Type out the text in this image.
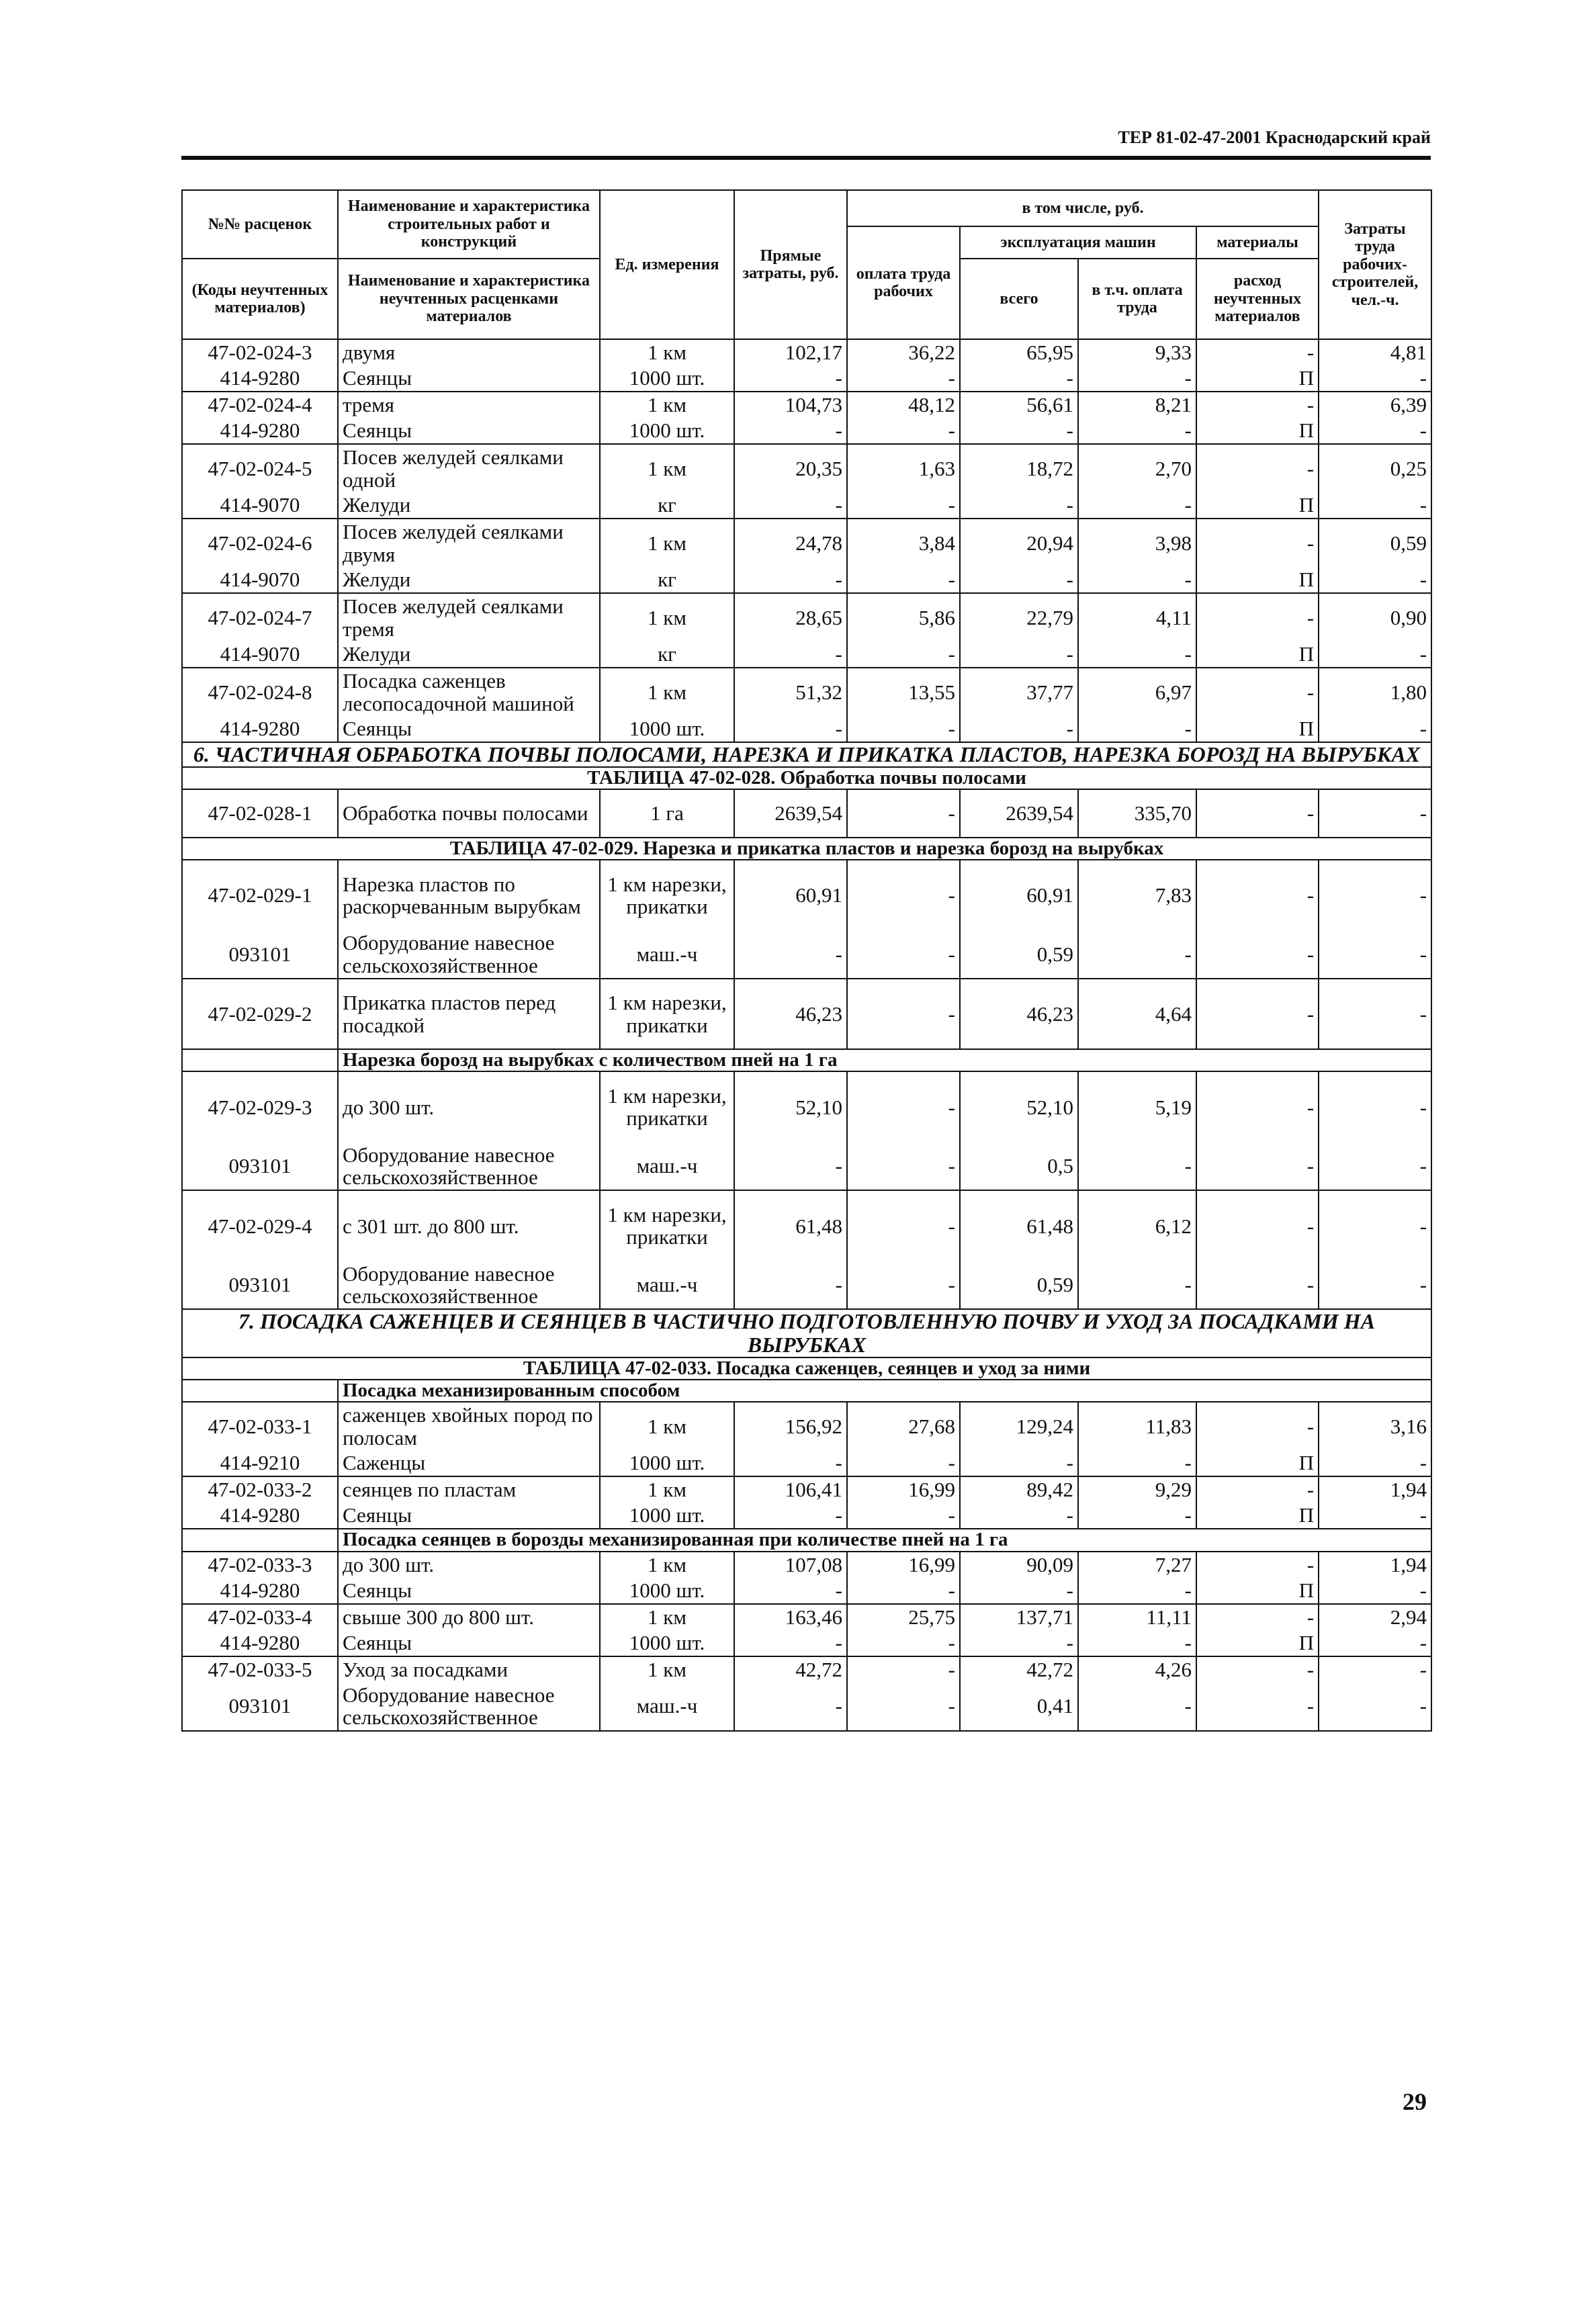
ТЕР 81-02-47-2001 Краснодарский край
№№ расценок	Наименование и характеристика строительных работ и конструкций	Ед. измерения	Прямые затраты, руб.	в том числе, руб.				Затраты труда рабочих-строителей, чел.-ч.
				оплата труда рабочих	эксплуатация машин		материалы	
(Коды неучтенных материалов)	Наименование и характеристика неучтенных расценками материалов				всего	в т.ч. оплата труда	расход неучтенных материалов	

47-02-024-3	двумя	1 км	102,17	36,22	65,95	9,33	-	4,81
414-9280	Сеянцы	1000 шт.	-	-	-	-	П	-
47-02-024-4	тремя	1 км	104,73	48,12	56,61	8,21	-	6,39
414-9280	Сеянцы	1000 шт.	-	-	-	-	П	-
47-02-024-5	Посев желудей сеялками одной	1 км	20,35	1,63	18,72	2,70	-	0,25
414-9070	Желуди	кг	-	-	-	-	П	-
47-02-024-6	Посев желудей сеялками двумя	1 км	24,78	3,84	20,94	3,98	-	0,59
414-9070	Желуди	кг	-	-	-	-	П	-
47-02-024-7	Посев желудей сеялками тремя	1 км	28,65	5,86	22,79	4,11	-	0,90
414-9070	Желуди	кг	-	-	-	-	П	-
47-02-024-8	Посадка саженцев лесопосадочной машиной	1 км	51,32	13,55	37,77	6,97	-	1,80
414-9280	Сеянцы	1000 шт.	-	-	-	-	П	-
6. ЧАСТИЧНАЯ ОБРАБОТКА ПОЧВЫ ПОЛОСАМИ, НАРЕЗКА И ПРИКАТКА ПЛАСТОВ, НАРЕЗКА БОРОЗД НА ВЫРУБКАХ								
ТАБЛИЦА 47-02-028. Обработка почвы полосами								
47-02-028-1	Обработка почвы полосами	1 га	2639,54	-	2639,54	335,70	-	-
ТАБЛИЦА 47-02-029. Нарезка и прикатка пластов и нарезка борозд на вырубках								
47-02-029-1	Нарезка пластов по раскорчеванным вырубкам	1 км нарезки, прикатки	60,91	-	60,91	7,83	-	-
093101	Оборудование навесное сельскохозяйственное	маш.-ч	-	-	0,59	-	-	-
47-02-029-2	Прикатка пластов перед посадкой	1 км нарезки, прикатки	46,23	-	46,23	4,64	-	-
	Нарезка борозд на вырубках с количеством пней на 1 га							
47-02-029-3	до 300 шт.	1 км нарезки, прикатки	52,10	-	52,10	5,19	-	-
093101	Оборудование навесное сельскохозяйственное	маш.-ч	-	-	0,5	-	-	-
47-02-029-4	с 301 шт. до 800 шт.	1 км нарезки, прикатки	61,48	-	61,48	6,12	-	-
093101	Оборудование навесное сельскохозяйственное	маш.-ч	-	-	0,59	-	-	-
7. ПОСАДКА САЖЕНЦЕВ И СЕЯНЦЕВ В ЧАСТИЧНО ПОДГОТОВЛЕННУЮ ПОЧВУ И УХОД ЗА ПОСАДКАМИ НА ВЫРУБКАХ								
ТАБЛИЦА 47-02-033. Посадка саженцев, сеянцев и уход за ними								
	Посадка механизированным способом							
47-02-033-1	саженцев хвойных пород по полосам	1 км	156,92	27,68	129,24	11,83	-	3,16
414-9210	Саженцы	1000 шт.	-	-	-	-	П	-
47-02-033-2	сеянцев по пластам	1 км	106,41	16,99	89,42	9,29	-	1,94
414-9280	Сеянцы	1000 шт.	-	-	-	-	П	-
	Посадка сеянцев в борозды механизированная при количестве пней на 1 га							
47-02-033-3	до 300 шт.	1 км	107,08	16,99	90,09	7,27	-	1,94
414-9280	Сеянцы	1000 шт.	-	-	-	-	П	-
47-02-033-4	свыше 300 до 800 шт.	1 км	163,46	25,75	137,71	11,11	-	2,94
414-9280	Сеянцы	1000 шт.	-	-	-	-	П	-
47-02-033-5	Уход за посадками	1 км	42,72	-	42,72	4,26	-	-
093101	Оборудование навесное сельскохозяйственное	маш.-ч	-	-	0,41	-	-	-
29
